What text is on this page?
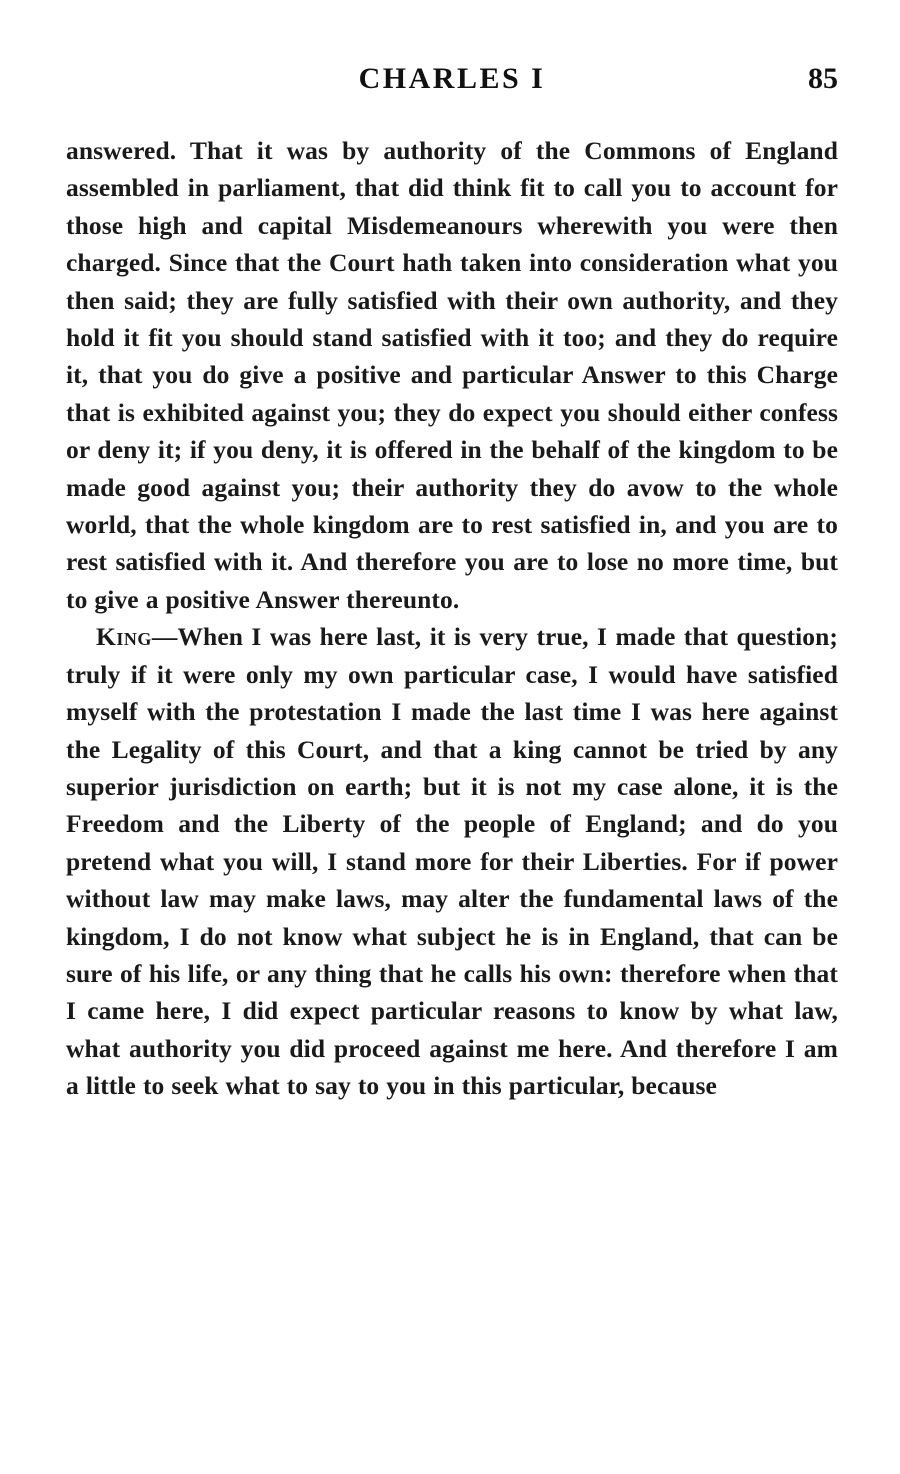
CHARLES I	85

answered. That it was by authority of the Commons of England assembled in parliament, that did think fit to call you to account for those high and capital Misdemeanours wherewith you were then charged. Since that the Court hath taken into consideration what you then said; they are fully satisfied with their own authority, and they hold it fit you should stand satisfied with it too; and they do require it, that you do give a positive and particular Answer to this Charge that is exhibited against you; they do expect you should either confess or deny it; if you deny, it is offered in the behalf of the kingdom to be made good against you; their authority they do avow to the whole world, that the whole kingdom are to rest satisfied in, and you are to rest satisfied with it. And therefore you are to lose no more time, but to give a positive Answer thereunto.

King—When I was here last, it is very true, I made that question; truly if it were only my own particular case, I would have satisfied myself with the protestation I made the last time I was here against the Legality of this Court, and that a king cannot be tried by any superior jurisdiction on earth; but it is not my case alone, it is the Freedom and the Liberty of the people of England; and do you pretend what you will, I stand more for their Liberties. For if power without law may make laws, may alter the fundamental laws of the kingdom, I do not know what subject he is in England, that can be sure of his life, or any thing that he calls his own: therefore when that I came here, I did expect particular reasons to know by what law, what authority you did proceed against me here. And therefore I am a little to seek what to say to you in this particular, because
